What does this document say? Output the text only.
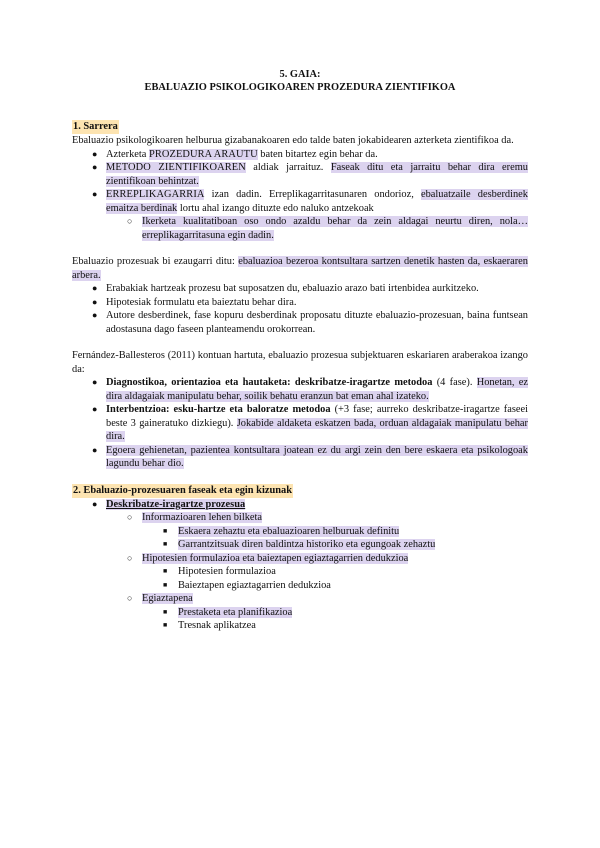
5. GAIA:
EBALUAZIO PSIKOLOGIKOAREN PROZEDURA ZIENTIFIKOA
1. Sarrera

Ebaluazio psikologikoaren helburua gizabanakoaren edo talde baten jokabidearen azterketa zientifikoa da.

● Azterketa PROZEDURA ARAUTU baten bitartez egin behar da.
● METODO ZIENTIFIKOAREN aldiak jarraituz. Faseak ditu eta jarraitu behar dira eremu zientifikoan behintzat.
● ERREPLIKAGARRIA izan dadin. Erreplikagarritasunaren ondorioz, ebaluatzaile desberdinek emaitza berdinak lortu ahal izango dituzte edo naluko antzekoak
○ Ikerketa kualitatiboan oso ondo azaldu behar da zein aldagai neurtu diren, nola… erreplikagarritasuna egin dadin.

Ebaluazio prozesuak bi ezaugarri ditu: ebaluazioa bezeroa kontsultara sartzen denetik hasten da, eskaeraren arbera.

● Erabakiak hartzeak prozesu bat suposatzen du, ebaluazio arazo bati irtenbidea aurkitzeko.
● Hipotesiak formulatu eta baieztatu behar dira.
● Autore desberdinek, fase kopuru desberdinak proposatu dituzte ebaluazio-prozesuan, baina funtsean adostasuna dago faseen planteamendu orokorrean.

Fernández-Ballesteros (2011) kontuan hartuta, ebaluazio prozesua subjektuaren eskariaren araberakoa izango da:

● Diagnostikoa, orientazioa eta hautaketa: deskribatze-iragartze metodoa (4 fase). Honetan, ez dira aldagaiak manipulatu behar, soilik behatu eranzun bat eman ahal izateko.
● Interbentzioa: esku-hartze eta baloratze metodoa (+3 fase; aurreko deskribatze-iragartze faseei beste 3 gaineratuko dizkiegu). Jokabide aldaketa eskatzen bada, orduan aldagaiak manipulatu behar dira.
● Egoera gehienetan, pazientea kontsultara joatean ez du argi zein den bere eskaera eta psikologoak lagundu behar dio.
2. Ebaluazio-prozesuaren faseak eta egin kizunak
● Deskribatze-iragartze prozesua
○ Informazioaren lehen bilketa
■ Eskaera zehaztu eta ebaluazioaren helburuak definitu
■ Garrantzitsuak diren baldintza historiko eta egungoak zehaztu
○ Hipotesien formulazioa eta baieztapen egiaztagarrien dedukzioa
■ Hipotesien formulazioa
■ Baieztapen egiaztagarrien dedukzioa
○ Egiaztapena
■ Prestaketa eta planifikazioa
■ Tresnak aplikatzea
